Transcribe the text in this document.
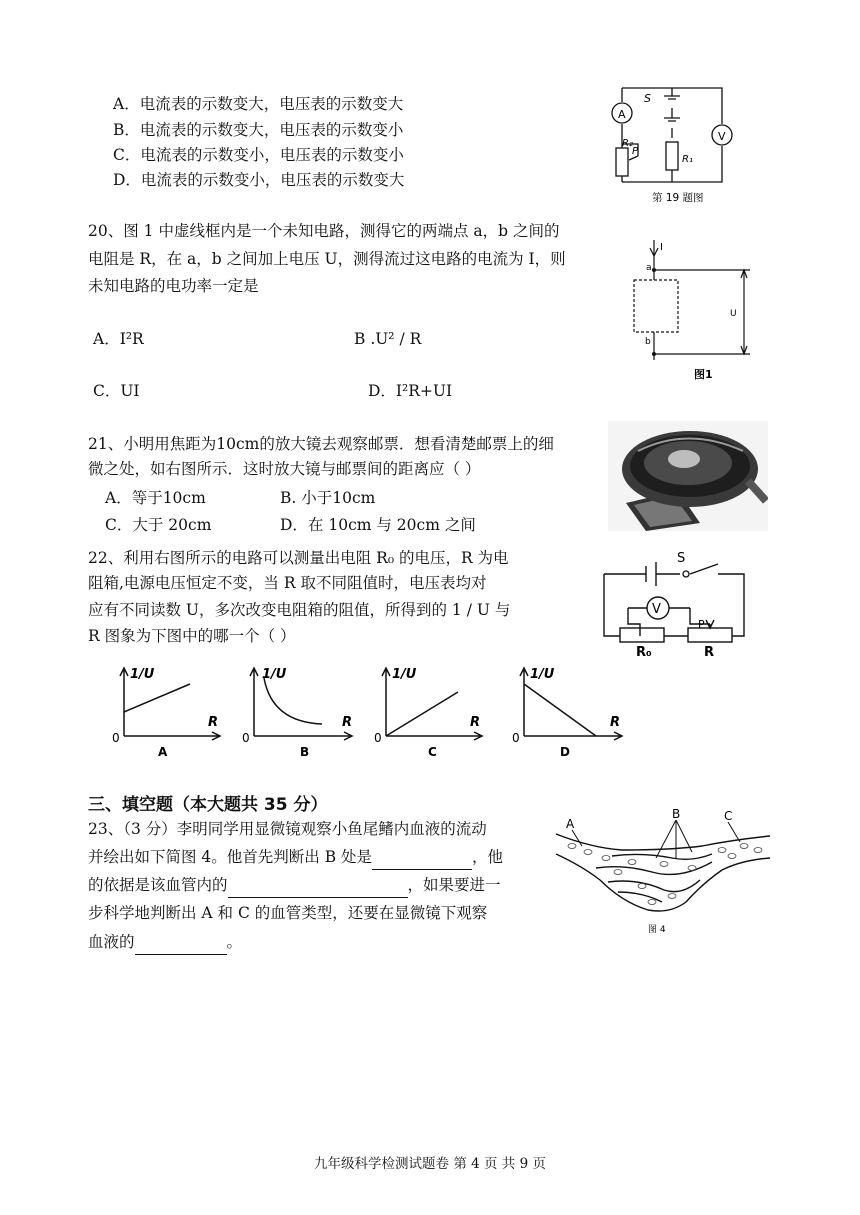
A．电流表的示数变大，电压表的示数变大
B．电流表的示数变大，电压表的示数变小
C．电流表的示数变小，电压表的示数变小
D．电流表的示数变小，电压表的示数变大
A
V
S
R₂
P
R₁
第 19 题图
20、图 1 中虚线框内是一个未知电路，测得它的两端点 a，b 之间的
电阻是 R，在 a，b 之间加上电压 U，测得流过这电路的电流为 I，则
未知电路的电功率一定是
A．I²R	B .U² / R
C．UI	D．I²R+UI
I
a
b
U
图1
21、小明用焦距为10cm的放大镜去观察邮票．想看清楚邮票上的细
微之处，如右图所示．这时放大镜与邮票间的距离应（ ）
A．等于10cm	B. 小于10cm
C．大于 20cm	D．在 10cm 与 20cm 之间
22、利用右图所示的电路可以测量出电阻 R₀ 的电压，R 为电
阻箱,电源电压恒定不变，当 R 取不同阻值时，电压表均对
应有不同读数 U，多次改变电阻箱的阻值，所得到的 1 / U 与
R 图象为下图中的哪一个（ ）
V
S
P
R₀	R
1/U
R
0
A
1/U
R
0
B
1/U
R
0
C
1/U
R
0
D
三、填空题（本大题共 35 分）
23、（3 分）李明同学用显微镜观察小鱼尾鳍内血液的流动
并绘出如下简图 4。他首先判断出 B 处是	，他
的依据是该血管内的	，如果要进一
步科学地判断出 A 和 C 的血管类型，还要在显微镜下观察
血液的	。
B	C
A
图 4
九年级科学检测试题卷 第 4 页 共 9 页
